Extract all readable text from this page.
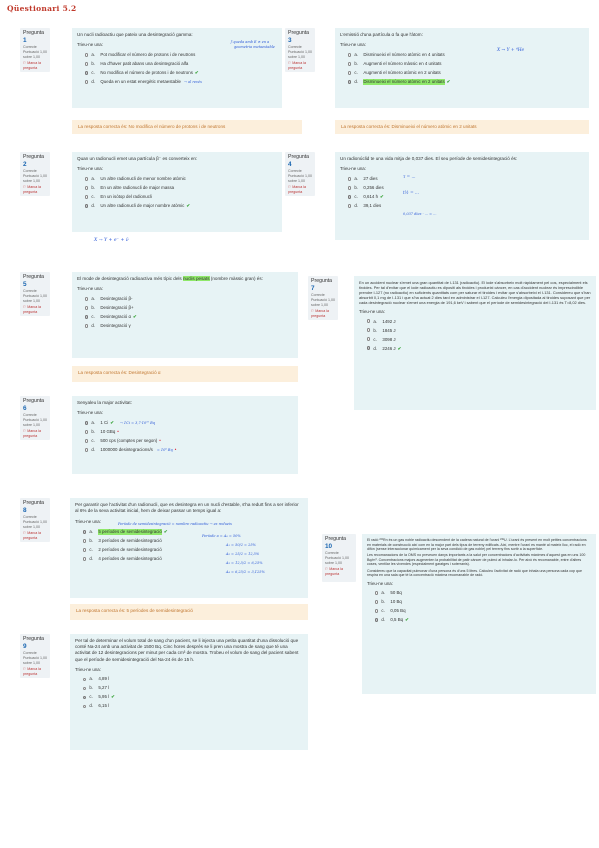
Qüestionari 5.2
Pregunta 1
Correcte
Puntuació 1,00 sobre 1,00
⚐ Marca la pregunta
Un nucli radioactiu que pateix una desintegració gamma:
Trieu-ne una:
a.	Pot modificar el número de protons i de neutrons
b.	Ha d'haver patit abans una desintegració alfa
c.	No modifica el número de protons i de neutrons ✔
d.	Queda en un estat energètic metaestable → al revés
ℨ queda amb E ≠ en a
geometria metaestable
La resposta correcta és: No modifica el número de protons i de neutrons
Pregunta 3
Correcte
Puntuació 1,00 sobre 1,00
⚐ Marca la pregunta
L'emissió d'una partícula α fa que l'àtom:
Trieu-ne una:
a.	Disminueixi el número atòmic en 4 unitats
b.	Augmenti el número màssic en 4 unitats
c.	Augmenti el número atòmic en 2 unitats
d.	Disminueixi el número atòmic en 2 unitats ✔
X → Y + ⁴He
La resposta correcta és: Disminueixi el número atòmic en 2 unitats
Pregunta 2
Correcte
Puntuació 1,00 sobre 1,00
⚐ Marca la pregunta
Quan un radionucli emet una partícula β⁻ es converteix en:
Trieu-ne una:
a.	Un altre radionucli de menor nombre atòmic
b.	En un altre radionucli de major massa
c.	En un isòtop del radionucli
d.	Un altre radionucli de major nombre atòmic ✔
X → Y + e⁻ + ν̄
Pregunta 4
Correcte
Puntuació 1,00 sobre 1,00
⚐ Marca la pregunta
Un radionúclid te una vida mitja de 0,037 dies. El seu període de semidesintegració és:
Trieu-ne una:
a.	27 dies
b.	0,256 dies
c.	0,614 h ✔
d.	39,1 dies
τ = ...
t½ = ...
0,037 dies · ... = ...
Pregunta 5
Correcte
Puntuació 1,00 sobre 1,00
⚐ Marca la pregunta
El mode de desintegració radioactiva més típic dels nuclis pesats (nombre màssic gran) és:
Trieu-ne una:
a.	Desintegració β-
b.	Desintegració β+
c.	Desintegració α ✔
d.	Desintegració γ
La resposta correcta és: Desintegració α
Pregunta 7
Correcte
Puntuació 1,00 sobre 1,00
⚐ Marca la pregunta
En un accident nuclear s'emet una gran quantitat de I-131 (radioactiu). El iode s'absorbeix molt ràpidament pel cos, especialment els tiroides. Per tal d'evitar que el iode radioactiu es dipositi als tiroides i produeixi càncer, en cas d'accident nuclear és imprescindible prendre I-127 (no radioactiu) en suficients quantitats com per saturar el tiroides i evitar que s'absorbeixi el I-131. Considereu que s'han absorbit 0,1 mg de I-131 i que s'ha actuat 2 dies tard en administrar el I-127. Calculeu l'energia dipositada al tiroides suposant que per cada desintegració nuclear s'emet una energia de 191,6 keV i sabent que el període de semidesintegració del I-131 és T=8,02 dies.
Trieu-ne una:
a.	1492 J
b.	1845 J
c.	3098 J
d.	2246 J ✔
Pregunta 6
Correcte
Puntuació 1,00 sobre 1,00
⚐ Marca la pregunta
Senyaleu la major activitat:
Trieu-ne una:
a.	1 Ci ✔ → 1Ci = 3,7·10¹⁰ Bq
b.	10 GBq •
c.	500 cps (comptes per segon) •
d.	1000000 desintegracions/s = 10⁶ Bq •
Pregunta 8
Correcte
Puntuació 1,00 sobre 1,00
⚐ Marca la pregunta
Per garantir que l'activitat d'un radionucli, que es desintegra en un nucli d'estable, s'ha reduït fins a ser inferior al 6% de la seva activitat inicial, hem de deixar passar un temps igual a:
Trieu-ne una:
a.	5 períodes de semidesintegració ✔
b.	3 períodes de semidesintegració
c.	2 períodes de semidesintegració
d.	4 períodes de semidesintegració
Període de semidesintegració = nombre radioactiu → es redueix
Període a = A₀ = 50%
A₁ = 50/2 = 25%
A₂ = 25/2 = 12,5%
A₃ = 12,5/2 = 6,25%
A₄ = 6,25/2 = 3,125%
La resposta correcta és: 5 períodes de semidesintegració
Pregunta 10
Correcte
Puntuació 1,00 sobre 1,00
⚐ Marca la pregunta

El radó ²²²Rn és un gas noble radioactiu descendent de la cadena natural de l'urani ²³⁸U. L'urani és present en molt petites concentracions en materials de construcció així com en la major part dels tipus de terreny edificats. Així, mentre l'urani es manté al mateix lloc, el radó en difón (sense interaccionar químicament per la seva condició de gas noble) pel terreny fins sortir a la superfície.

Les recomanacions de la OMS no preveuen danys importants a la salut per concentracions d'activitats màximes d'aquest gas en uns 100 Bq/m³. Concentracions majors augmenten la probabilitat de patir càncer de pulmó al inhalar-lo. Per això és recomanable, entre d'altres coses, ventilar les vivendes (especialment garatges i soterranis).

Considereu que la capacitat pulmonar d'una persona és d'uns 5 litres. Calculeu l'activitat de radó que inhala una persona cada cop que respira en una sala que té la concentració màxima recomanable de radó.

Trieu-ne una:
a.	50 Bq
b.	10 Bq
c.	0,05 Bq
d.	0,5 Bq ✔
Pregunta 9
Correcte
Puntuació 1,00 sobre 1,00
⚐ Marca la pregunta
Per tal de determinar el volum total de sang d'un pacient, se li injecta una petita quantitat d'una dissolució que conté Na-24 amb una activitat de 1500 Bq. Cinc hores després se li pren una mostra de sang que té una activitat de 12 desintegracions per minut per cada cm³ de mostra. Trobeu el volum de sang del pacient sabent que el període de semidesintegració del Na-24 és de 15 h.
Trieu-ne una:
a.	4,89 l
b.	5,27 l
c.	5,95 l ✔
d.	6,15 l
